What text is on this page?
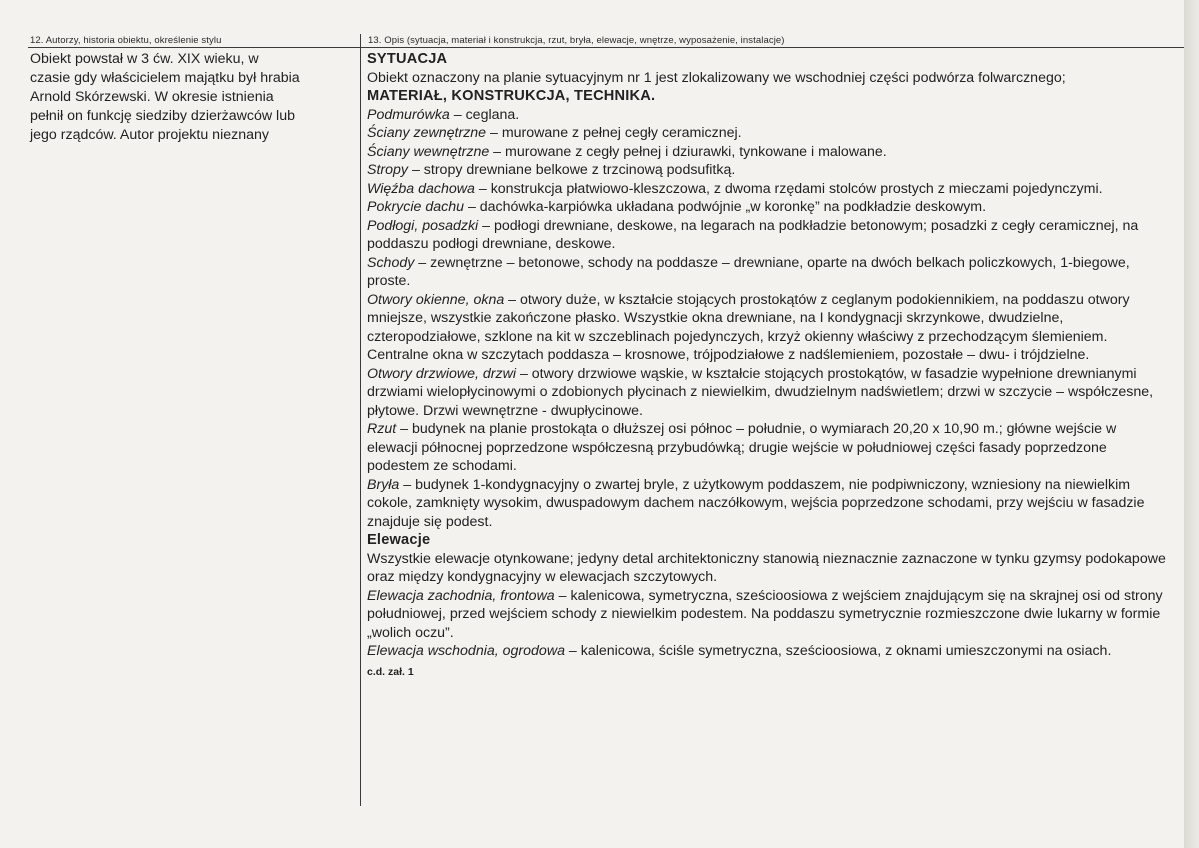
12. Autorzy, historia obiektu, określenie stylu	13. Opis (sytuacja, materiał i konstrukcja, rzut, bryła, elewacje, wnętrze, wyposażenie, instalacje)
Obiekt powstał w 3 ćw. XIX wieku, w
czasie gdy właścicielem majątku był hrabia
Arnold Skórzewski. W okresie istnienia
pełnił on funkcję siedziby dzierżawców lub
jego rządców. Autor projektu nieznany

SYTUACJA

Obiekt oznaczony na planie sytuacyjnym nr 1 jest zlokalizowany we wschodniej części podwórza folwarcznego;

MATERIAŁ, KONSTRUKCJA, TECHNIKA.

Podmurówka – ceglana.

Ściany zewnętrzne – murowane z pełnej cegły ceramicznej.

Ściany wewnętrzne – murowane z cegły pełnej i dziurawki, tynkowane i malowane.

Stropy – stropy drewniane belkowe z trzcinową podsufitką.

Więźba dachowa – konstrukcja płatwiowo-kleszczowa, z dwoma rzędami stolców prostych z mieczami pojedynczymi.

Pokrycie dachu – dachówka-karpiówka układana podwójnie „w koronkę” na podkładzie deskowym.

Podłogi, posadzki – podłogi drewniane, deskowe, na legarach na podkładzie betonowym; posadzki z cegły ceramicznej, na poddaszu podłogi drewniane, deskowe.

Schody – zewnętrzne – betonowe, schody na poddasze – drewniane, oparte na dwóch belkach policzkowych, 1-biegowe, proste.

Otwory okienne, okna – otwory duże, w kształcie stojących prostokątów z ceglanym podokiennikiem, na poddaszu otwory mniejsze, wszystkie zakończone płasko. Wszystkie okna drewniane, na I kondygnacji skrzynkowe, dwudzielne, czteropodziałowe, szklone na kit w szczeblinach pojedynczych, krzyż okienny właściwy z przechodzącym ślemieniem. Centralne okna w szczytach poddasza – krosnowe, trójpodziałowe z nadślemieniem, pozostałe – dwu- i trójdzielne.

Otwory drzwiowe, drzwi – otwory drzwiowe wąskie, w kształcie stojących prostokątów, w fasadzie wypełnione drewnianymi drzwiami wielopłycinowymi o zdobionych płycinach z niewielkim, dwudzielnym nadświetlem; drzwi w szczycie – współczesne, płytowe. Drzwi wewnętrzne - dwupłycinowe.

Rzut – budynek na planie prostokąta o dłuższej osi północ – południe, o wymiarach 20,20 x 10,90 m.; główne wejście w elewacji północnej poprzedzone współczesną przybudówką; drugie wejście w południowej części fasady poprzedzone podestem ze schodami.

Bryła – budynek 1-kondygnacyjny o zwartej bryle, z użytkowym poddaszem, nie podpiwniczony, wzniesiony na niewielkim cokole, zamknięty wysokim, dwuspadowym dachem naczółkowym, wejścia poprzedzone schodami, przy wejściu w fasadzie znajduje się podest.

Elewacje

Wszystkie elewacje otynkowane; jedyny detal architektoniczny stanowią nieznacznie zaznaczone w tynku gzymsy podokapowe oraz między kondygnacyjny w elewacjach szczytowych.

Elewacja zachodnia, frontowa – kalenicowa, symetryczna, sześcioosiowa z wejściem znajdującym się na skrajnej osi od strony południowej, przed wejściem schody z niewielkim podestem. Na poddaszu symetrycznie rozmieszczone dwie lukarny w formie „wolich oczu”.

Elewacja wschodnia, ogrodowa – kalenicowa, ściśle symetryczna, sześcioosiowa, z oknami umieszczonymi na osiach.

c.d. zał. 1
